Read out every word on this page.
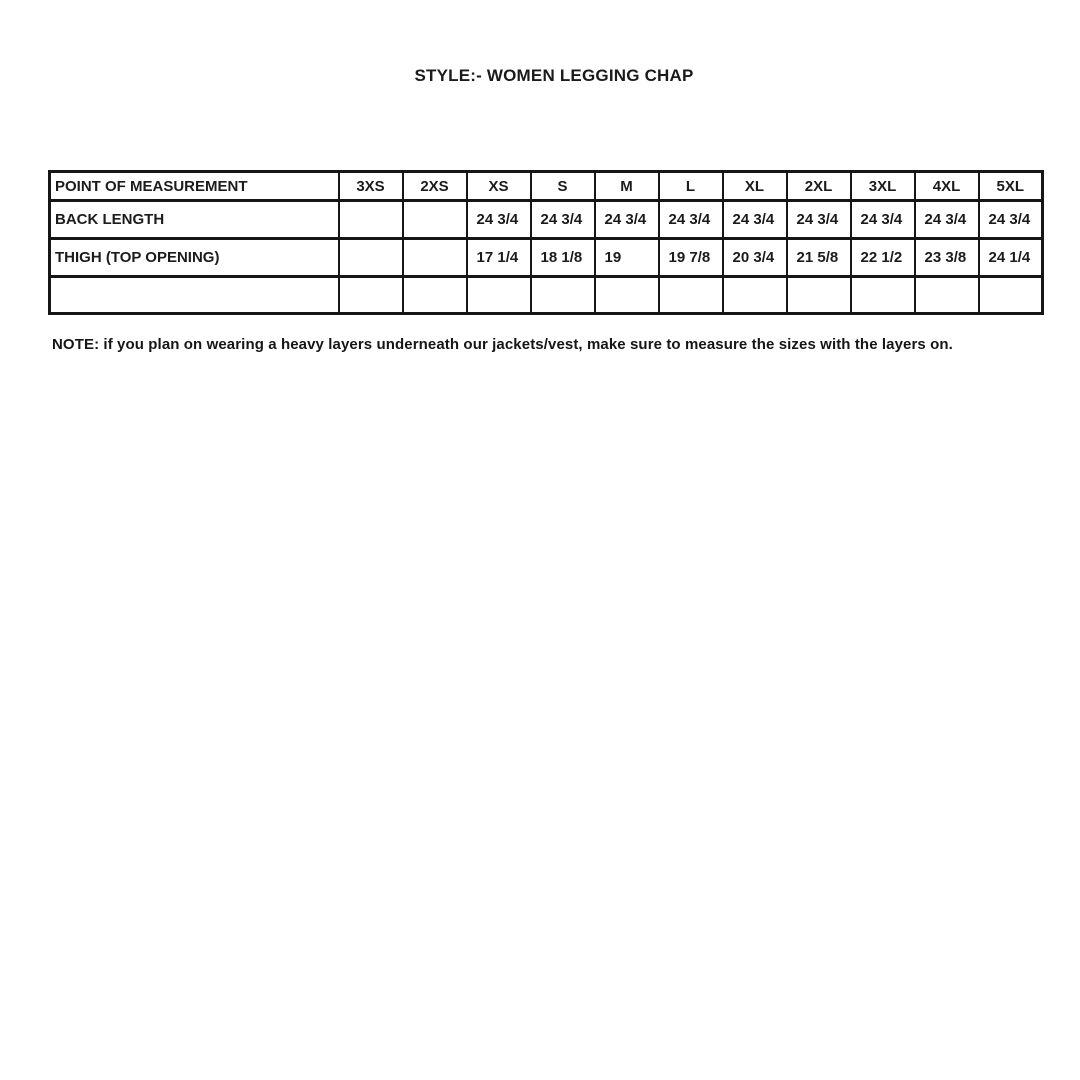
STYLE:- WOMEN LEGGING CHAP
POINT OF MEASUREMENT	3XS	2XS	XS	S	M	L	XL	2XL	3XL	4XL	5XL
BACK LENGTH			24 3/4	24 3/4	24 3/4	24 3/4	24 3/4	24 3/4	24 3/4	24 3/4	24 3/4
THIGH (TOP OPENING)			17 1/4	18 1/8	19	19 7/8	20 3/4	21 5/8	22 1/2	23 3/8	24 1/4

NOTE: if you plan on wearing a heavy layers underneath our jackets/vest, make sure to measure the sizes with the layers on.
